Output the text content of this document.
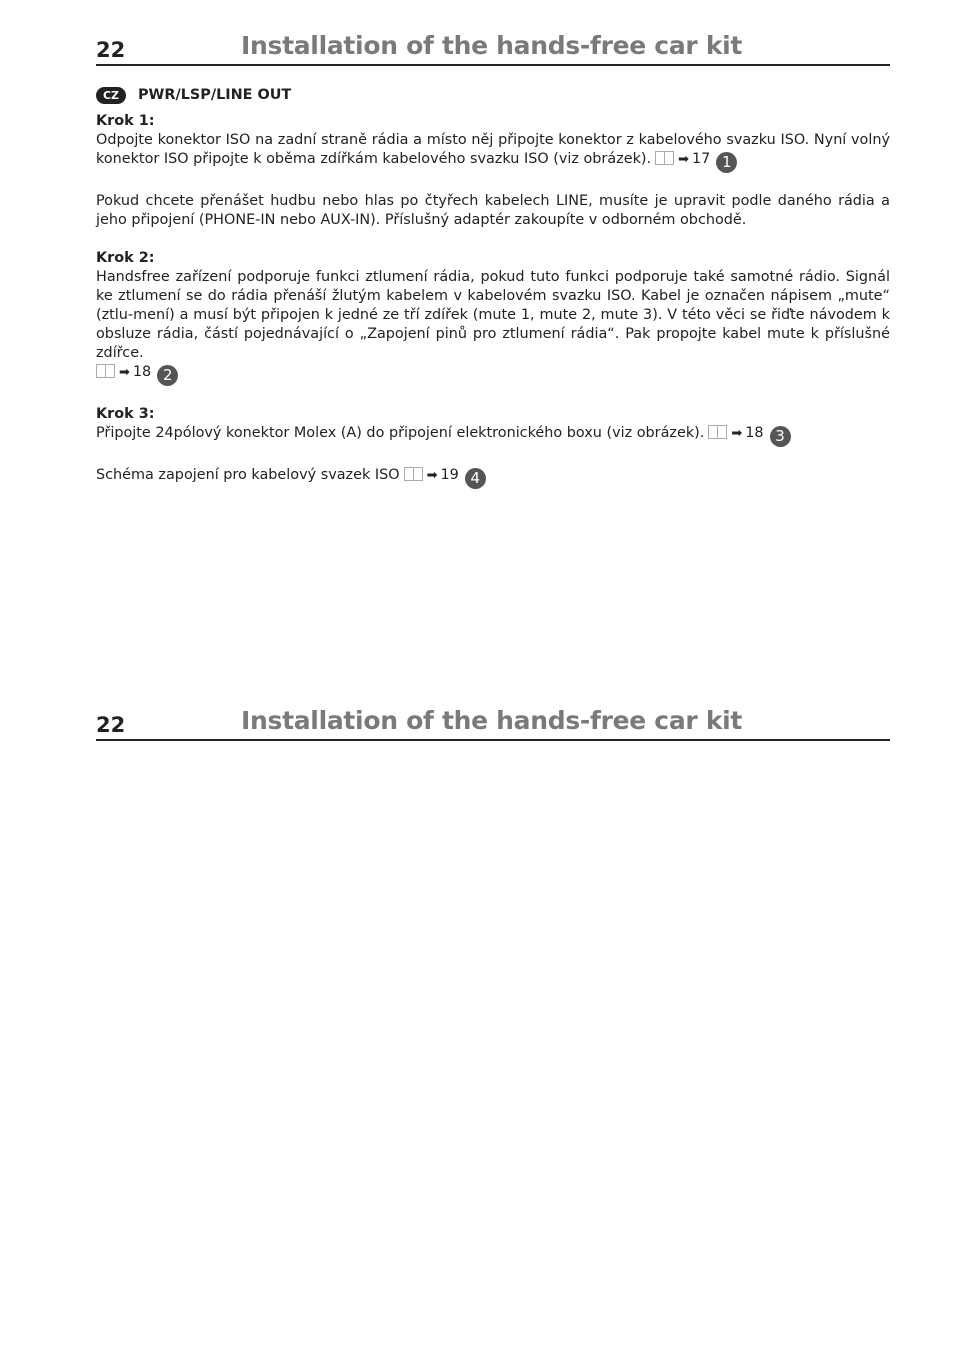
22	Installation of the hands-free car kit
CZ	PWR/LSP/LINE OUT
Krok 1:

Odpojte konektor ISO na zadní straně rádia a místo něj připojte konektor z kabelového svazku ISO. Nyní volný konektor ISO připojte k oběma zdířkám kabelového svazku ISO (viz obrázek). ➡ 17 1

Pokud chcete přenášet hudbu nebo hlas po čtyřech kabelech LINE, musíte je upravit podle daného rádia a jeho připojení (PHONE-IN nebo AUX-IN). Příslušný adaptér zakoupíte v odborném obchodě.

Krok 2:

Handsfree zařízení podporuje funkci ztlumení rádia, pokud tuto funkci podporuje také samotné rádio. Signál ke ztlumení se do rádia přenáší žlutým kabelem v kabelovém svazku ISO. Kabel je označen nápisem „mute“ (ztlu-mení) a musí být připojen k jedné ze tří zdířek (mute 1, mute 2, mute 3). V této věci se řiďte návodem k obsluze rádia, částí pojednávající o „Zapojení pinů pro ztlumení rádia“. Pak propojte kabel mute k příslušné zdířce.
➡ 18 2

Krok 3:

Připojte 24pólový konektor Molex (A) do připojení elektronického boxu (viz obrázek). ➡ 18 3

Schéma zapojení pro kabelový svazek ISO ➡ 19 4

22	Installation of the hands-free car kit
